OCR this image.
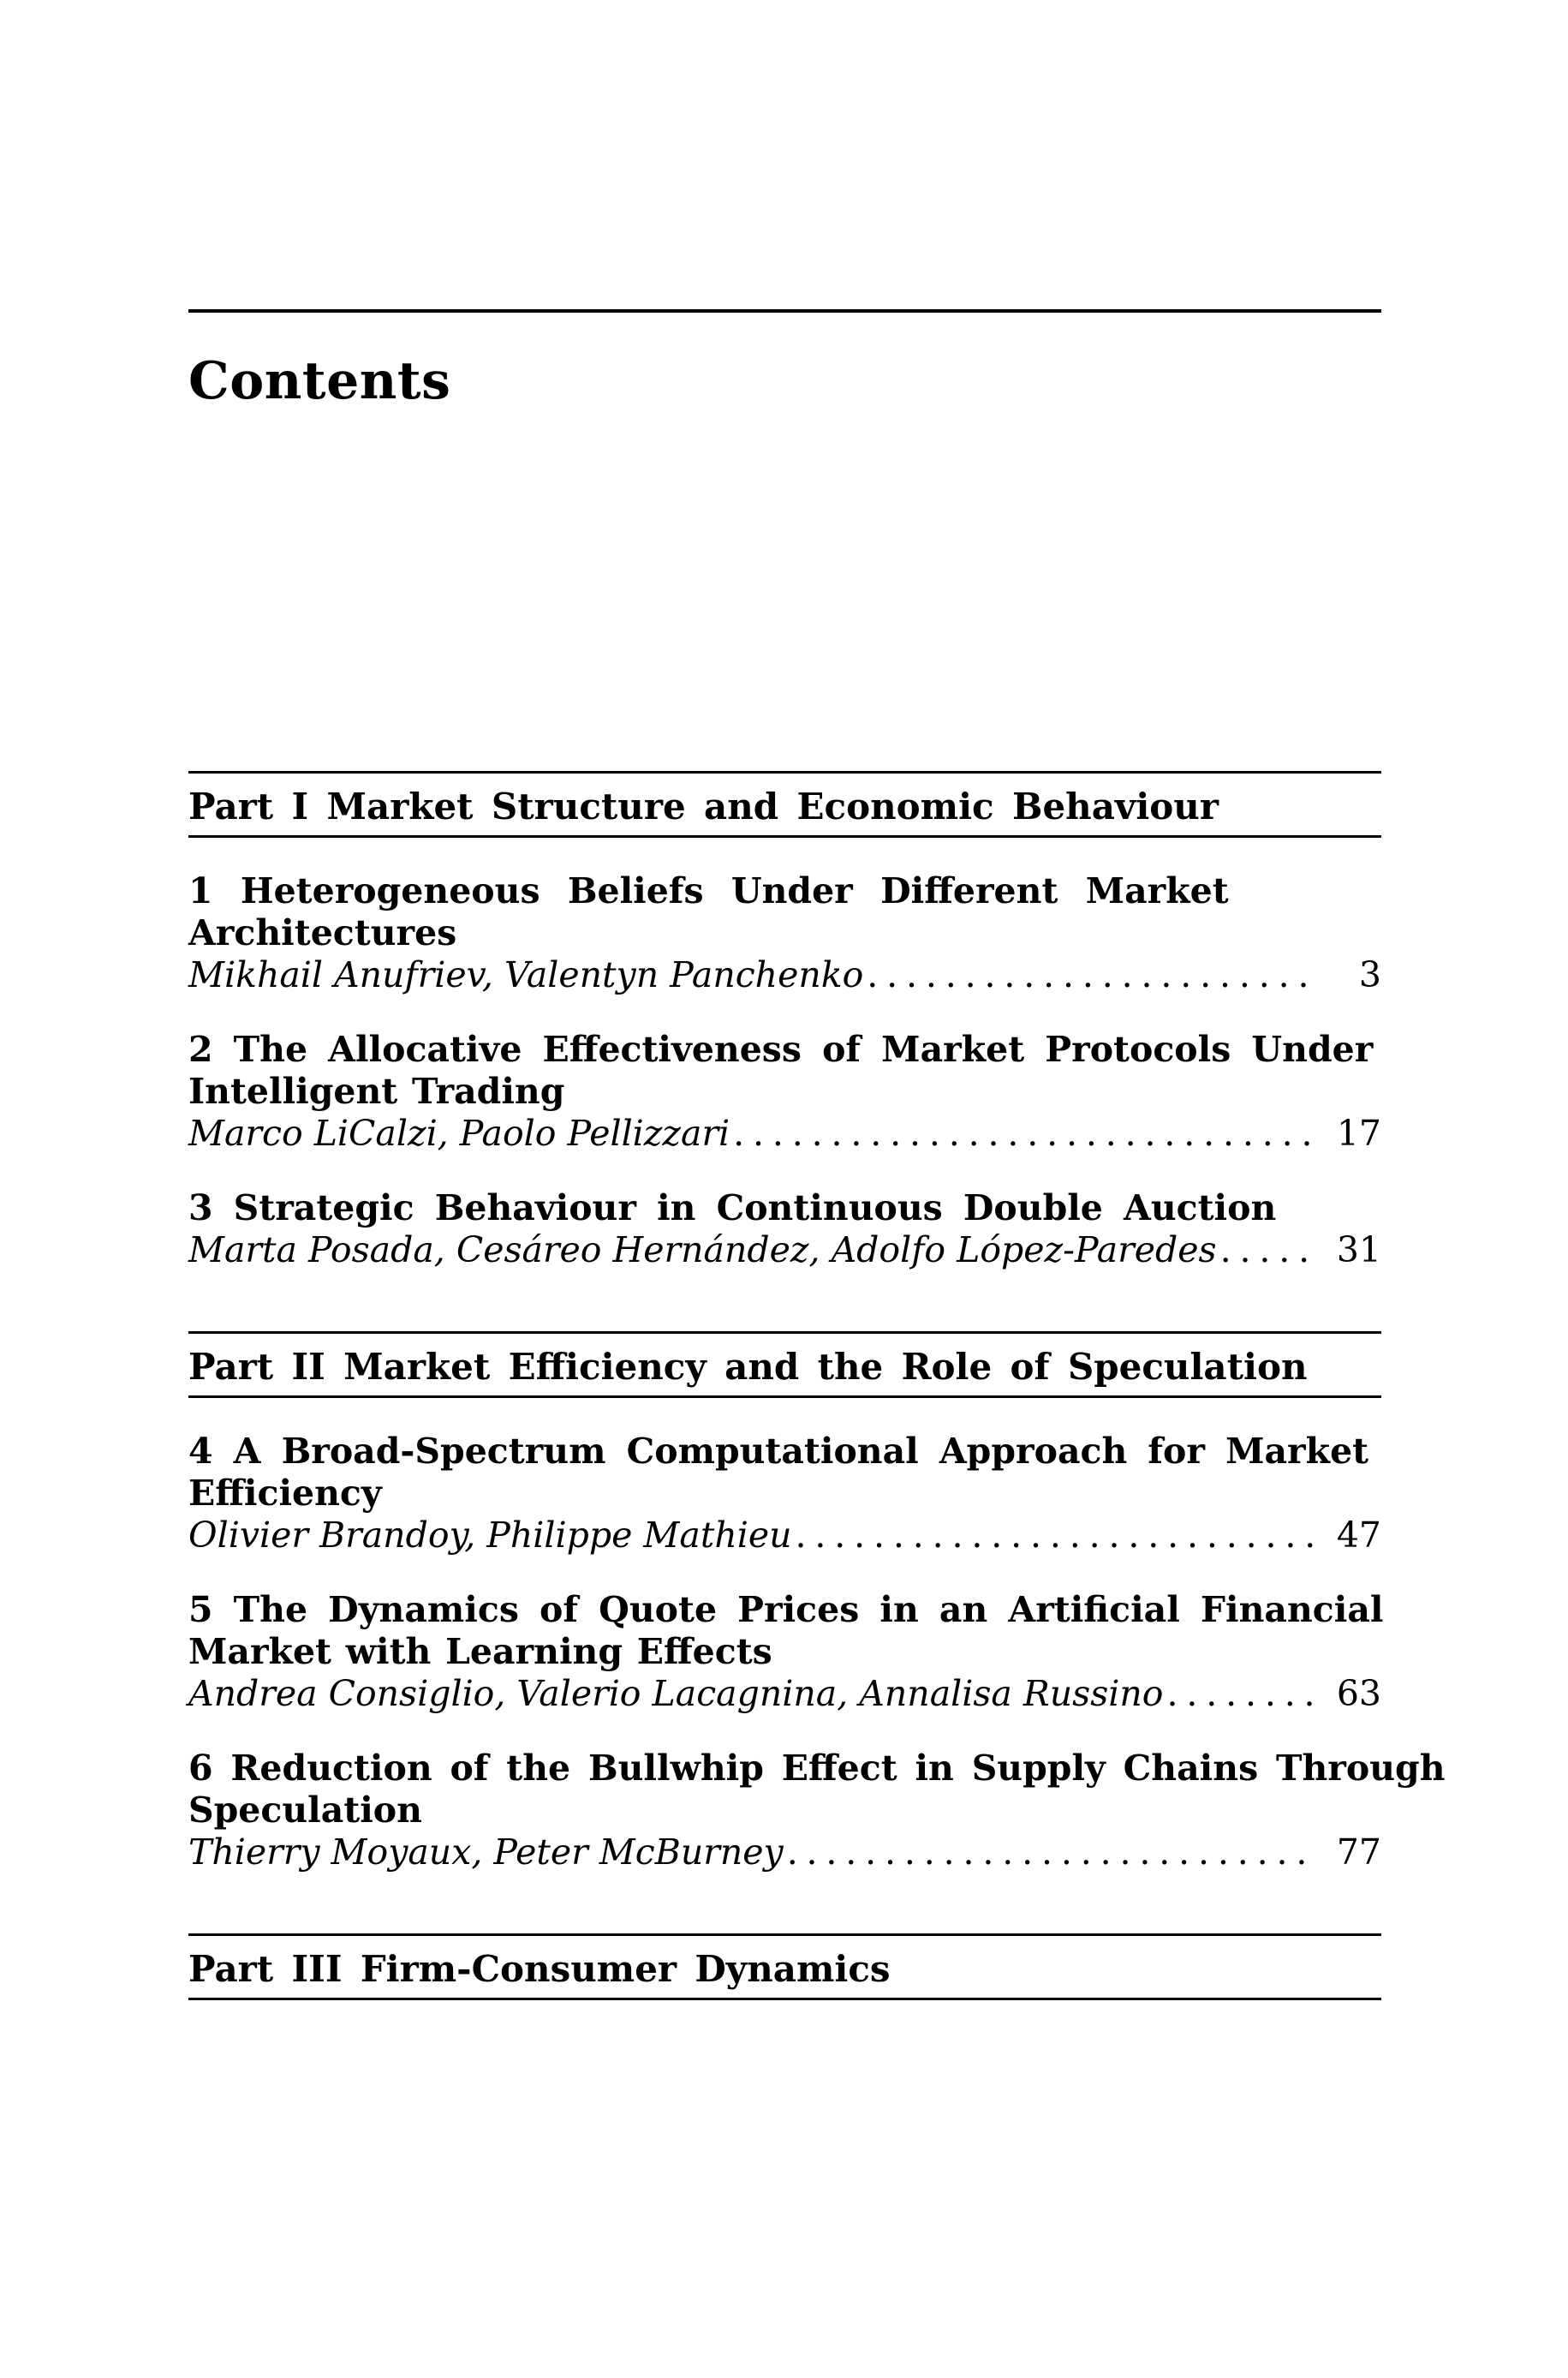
Contents
Part I Market Structure and Economic Behaviour
1 Heterogeneous Beliefs Under Different Market
Architectures
Mikhail Anufriev, Valentyn Panchenko .....	3
2 The Allocative Effectiveness of Market Protocols Under
Intelligent Trading
Marco LiCalzi, Paolo Pellizzari .....	17
3 Strategic Behaviour in Continuous Double Auction
Marta Posada, Cesáreo Hernández, Adolfo López-Paredes .....	31
Part II Market Efficiency and the Role of Speculation
4 A Broad-Spectrum Computational Approach for Market
Efficiency
Olivier Brandoy, Philippe Mathieu .....	47
5 The Dynamics of Quote Prices in an Artificial Financial
Market with Learning Effects
Andrea Consiglio, Valerio Lacagnina, Annalisa Russino .....	63
6 Reduction of the Bullwhip Effect in Supply Chains Through
Speculation
Thierry Moyaux, Peter McBurney .....	77
Part III Firm-Consumer Dynamics
